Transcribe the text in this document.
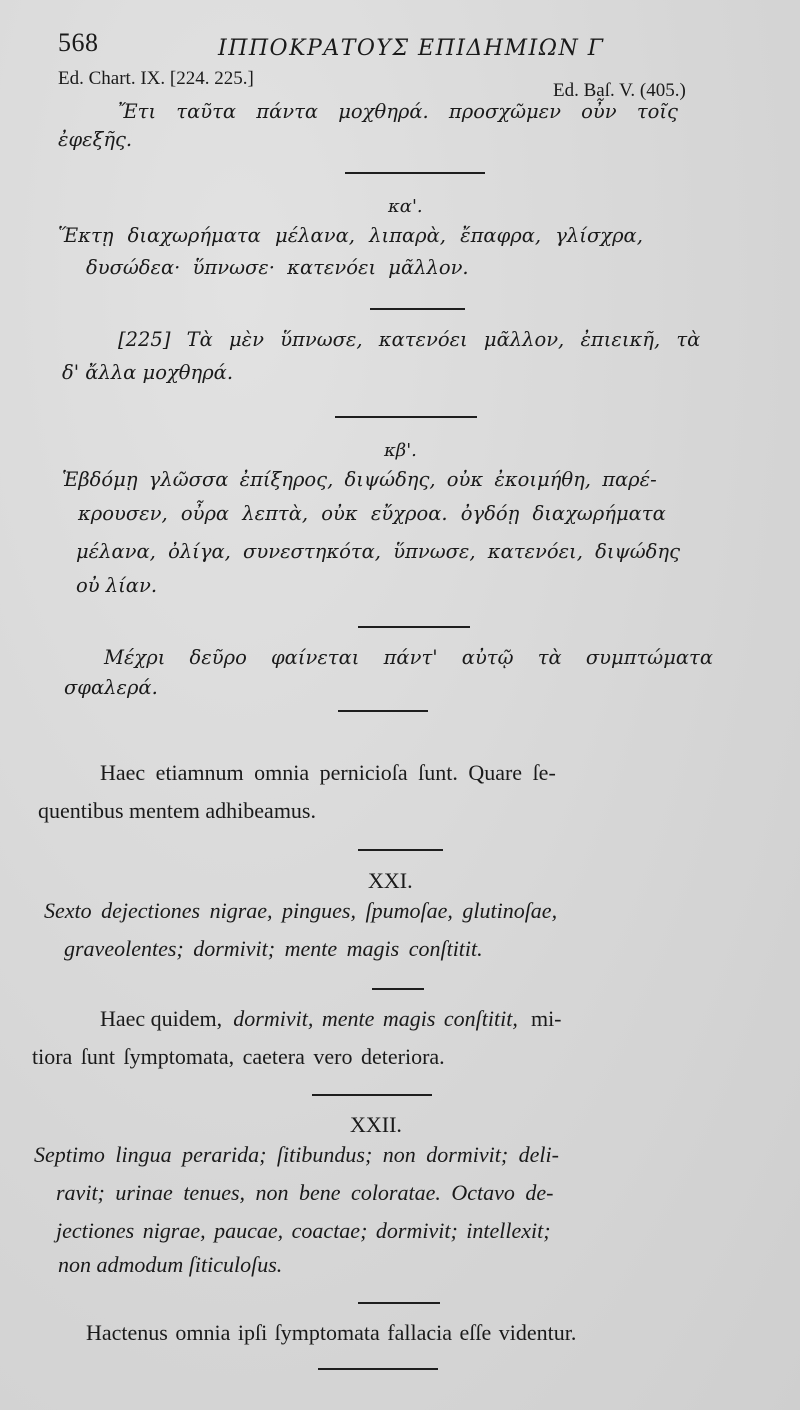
568	ΙΠΠΟΚΡΑΤΟΥΣ ΕΠΙΔΗΜΙΩΝ Γ
Ed. Chart. IX. [224. 225.]
Ed. Baſ. V. (405.)
Ἔτι ταῦτα πάντα μοχθηρά. προσχῶμεν οὖν τοῖς
ἐφεξῆς.
κα'.
Ἕκτῃ διαχωρήματα μέλανα, λιπαρὰ, ἔπαφρα, γλίσχρα,
δυσώδεα· ὕπνωσε· κατενόει μᾶλλον.
[225] Τὰ μὲν ὕπνωσε, κατενόει μᾶλλον, ἐπιεικῆ, τὰ
δ' ἄλλα μοχθηρά.
κβ'.
Ἑβδόμῃ γλῶσσα ἐπίξηρος, διψώδης, οὐκ ἐκοιμήθη, παρέ-
κρουσεν, οὖρα λεπτὰ, οὐκ εὔχροα. ὀγδόῃ διαχωρήματα
μέλανα, ὀλίγα, συνεστηκότα, ὕπνωσε, κατενόει, διψώδης
οὐ λίαν.
Μέχρι δεῦρο φαίνεται πάντ' αὐτῷ τὰ συμπτώματα
σφαλερά.
Haec etiamnum omnia pernicioſa ſunt. Quare ſe-
quentibus mentem adhibeamus.
XXI.
Sexto dejectiones nigrae, pingues, ſpumoſae, glutinoſae,
graveolentes; dormivit; mente magis conſtitit.
Haec quidem, dormivit, mente magis conſtitit, mi-
tiora ſunt ſymptomata, caetera vero deteriora.
XXII.
Septimo lingua perarida; ſitibundus; non dormivit; deli-
ravit; urinae tenues, non bene coloratae. Octavo de-
jectiones nigrae, paucae, coactae; dormivit; intellexit;
non admodum ſiticuloſus.
Hactenus omnia ipſi ſymptomata fallacia eſſe videntur.
